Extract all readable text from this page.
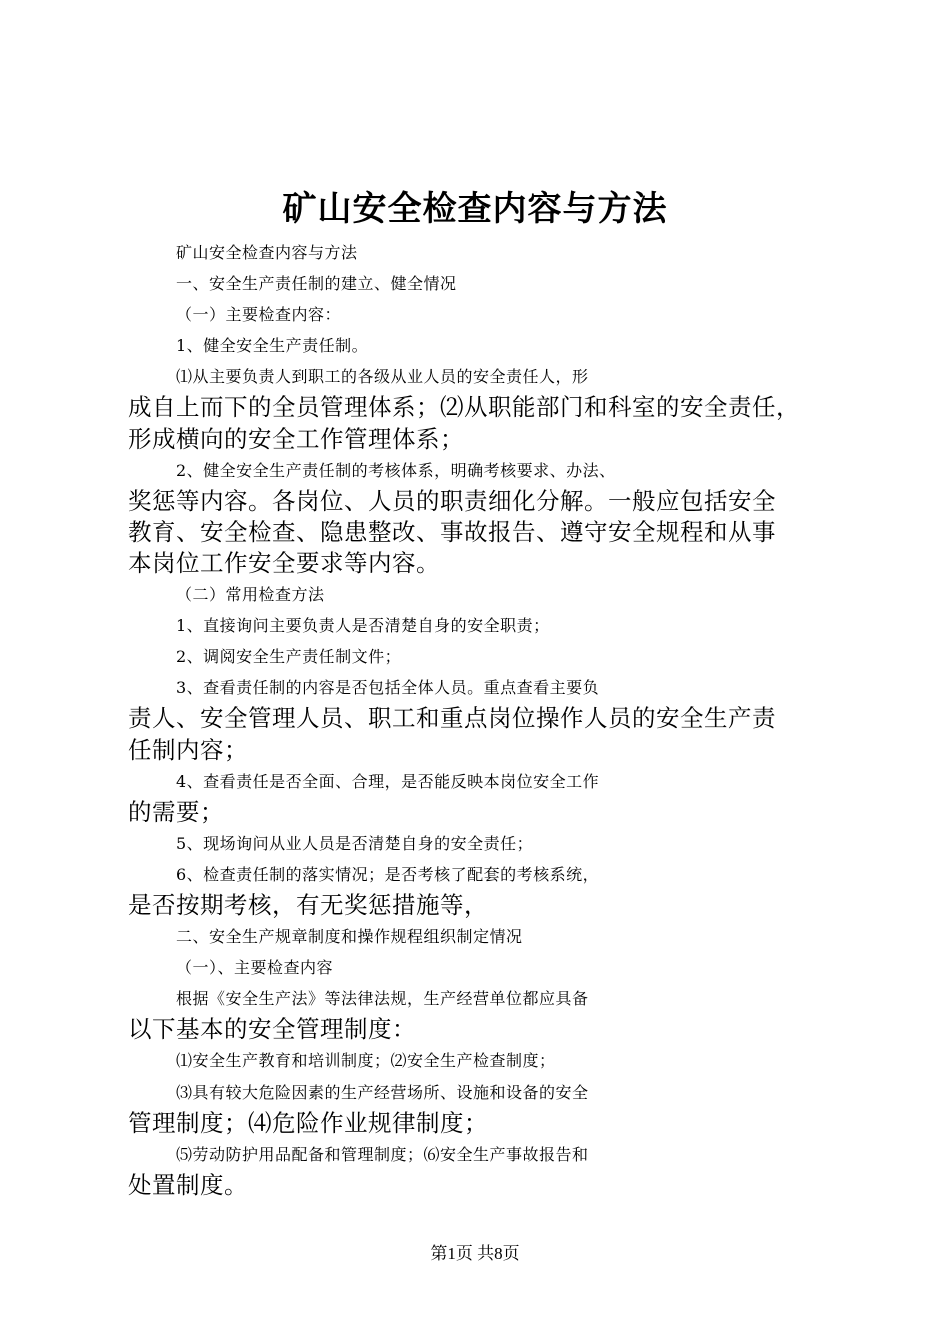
矿山安全检查内容与方法

矿山安全检查内容与方法

一、安全生产责任制的建立、健全情况

（一）主要检查内容：

1、健全安全生产责任制。

⑴从主要负责人到职工的各级从业人员的安全责任人，形
成自上而下的全员管理体系；⑵从职能部门和科室的安全责任，
形成横向的安全工作管理体系；

2、健全安全生产责任制的考核体系，明确考核要求、办法、
奖惩等内容。各岗位、人员的职责细化分解。一般应包括安全
教育、安全检查、隐患整改、事故报告、遵守安全规程和从事
本岗位工作安全要求等内容。

（二）常用检查方法

1、直接询问主要负责人是否清楚自身的安全职责；

2、调阅安全生产责任制文件；

3、查看责任制的内容是否包括全体人员。重点查看主要负
责人、安全管理人员、职工和重点岗位操作人员的安全生产责
任制内容；

4、查看责任是否全面、合理，是否能反映本岗位安全工作
的需要；

5、现场询问从业人员是否清楚自身的安全责任；

6、检查责任制的落实情况；是否考核了配套的考核系统，
是否按期考核，有无奖惩措施等，

二、安全生产规章制度和操作规程组织制定情况

（一）、主要检查内容

根据《安全生产法》等法律法规，生产经营单位都应具备
以下基本的安全管理制度：

⑴安全生产教育和培训制度；⑵安全生产检查制度；

⑶具有较大危险因素的生产经营场所、设施和设备的安全
管理制度；⑷危险作业规律制度；

⑸劳动防护用品配备和管理制度；⑹安全生产事故报告和
处置制度。

第1页 共8页
